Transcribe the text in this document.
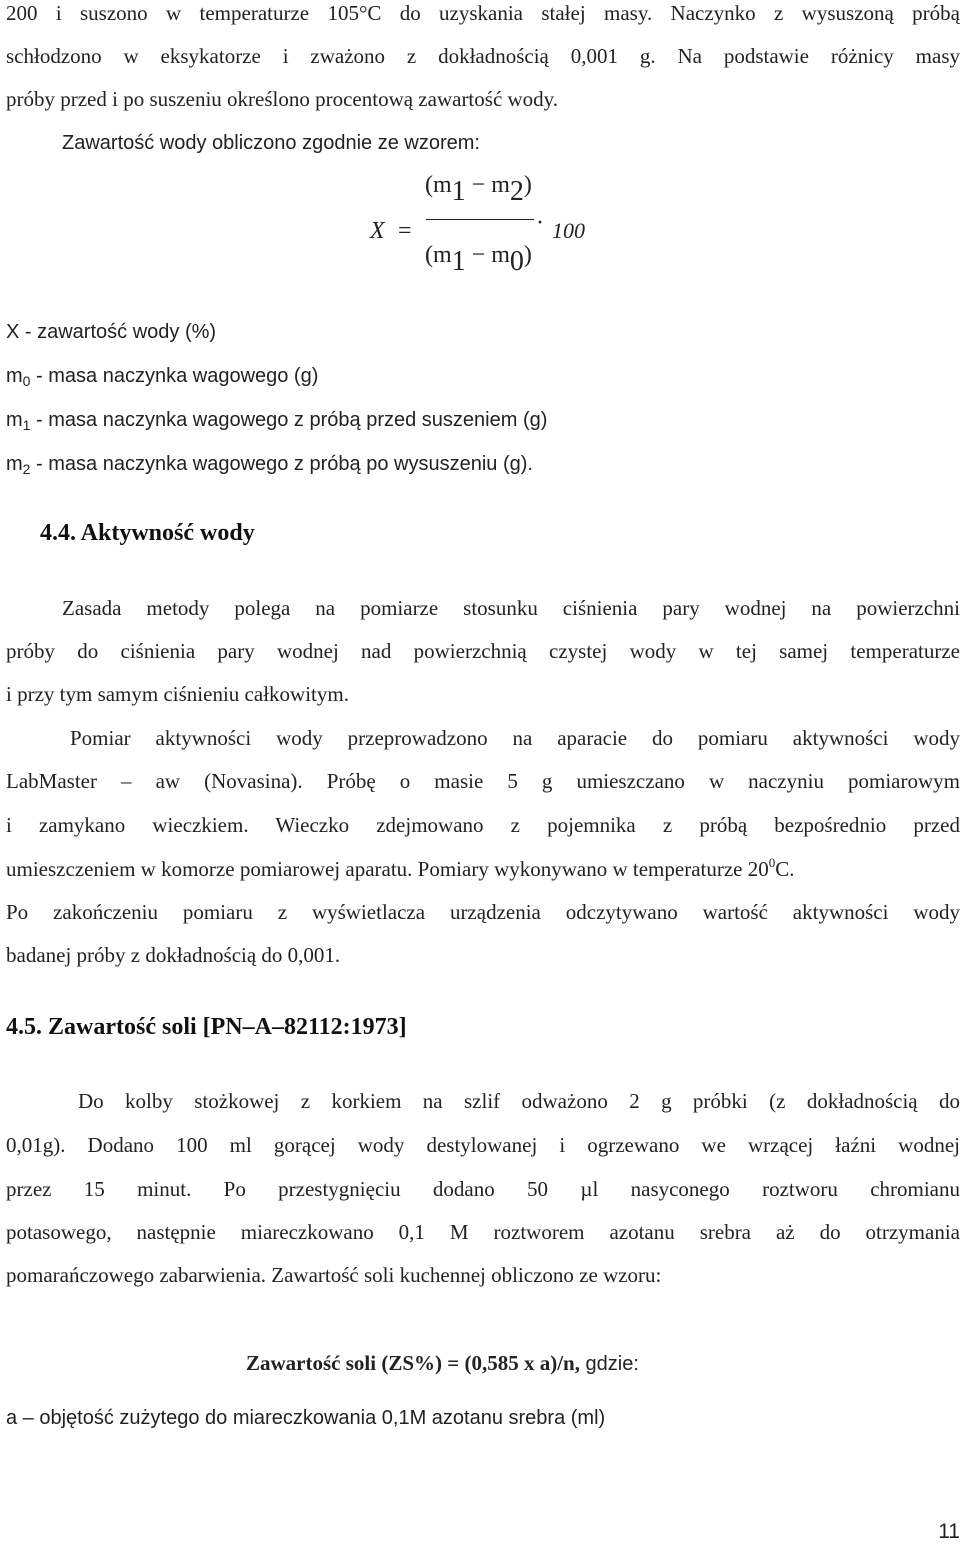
200 i suszono w temperaturze 105°C do uzyskania stałej masy. Naczynko z wysuszoną próbą
schłodzono w eksykatorze i zważono z dokładnością 0,001 g. Na podstawie różnicy masy
próby przed i po suszeniu określono procentową zawartość wody.
Zawartość wody obliczono zgodnie ze wzorem:
X =
(m1 − m2)
(m1 − m0)
· 100
X - zawartość wody (%)
$m_0$ - masa naczynka wagowego (g)
$m_1$ - masa naczynka wagowego z próbą przed suszeniem (g)
$m_2$ - masa naczynka wagowego z próbą po wysuszeniu (g).
4.4. Aktywność wody
Zasada metody polega na pomiarze stosunku ciśnienia pary wodnej na powierzchni
próby do ciśnienia pary wodnej nad powierzchnią czystej wody w tej samej temperaturze
i przy tym samym ciśnieniu całkowitym.
Pomiar aktywności wody przeprowadzono na aparacie do pomiaru aktywności wody
LabMaster – aw (Novasina). Próbę o masie 5 g umieszczano w naczyniu pomiarowym
i zamykano wieczkiem. Wieczko zdejmowano z pojemnika z próbą bezpośrednio przed
umieszczeniem w komorze pomiarowej aparatu. Pomiary wykonywano w temperaturze $20^0C$.
Po zakończeniu pomiaru z wyświetlacza urządzenia odczytywano wartość aktywności wody
badanej próby z dokładnością do 0,001.
4.5. Zawartość soli [PN–A–82112:1973]
Do kolby stożkowej z korkiem na szlif odważono 2 g próbki (z dokładnością do
0,01g). Dodano 100 ml gorącej wody destylowanej i ogrzewano we wrzącej łaźni wodnej
przez 15 minut. Po przestygnięciu dodano 50 µl nasyconego roztworu chromianu
potasowego, następnie miareczkowano 0,1 M roztworem azotanu srebra aż do otrzymania
pomarańczowego zabarwienia. Zawartość soli kuchennej obliczono ze wzoru:
Zawartość soli (ZS%) = (0,585 x a)/n, gdzie:
a – objętość zużytego do miareczkowania 0,1M azotanu srebra (ml)
11
